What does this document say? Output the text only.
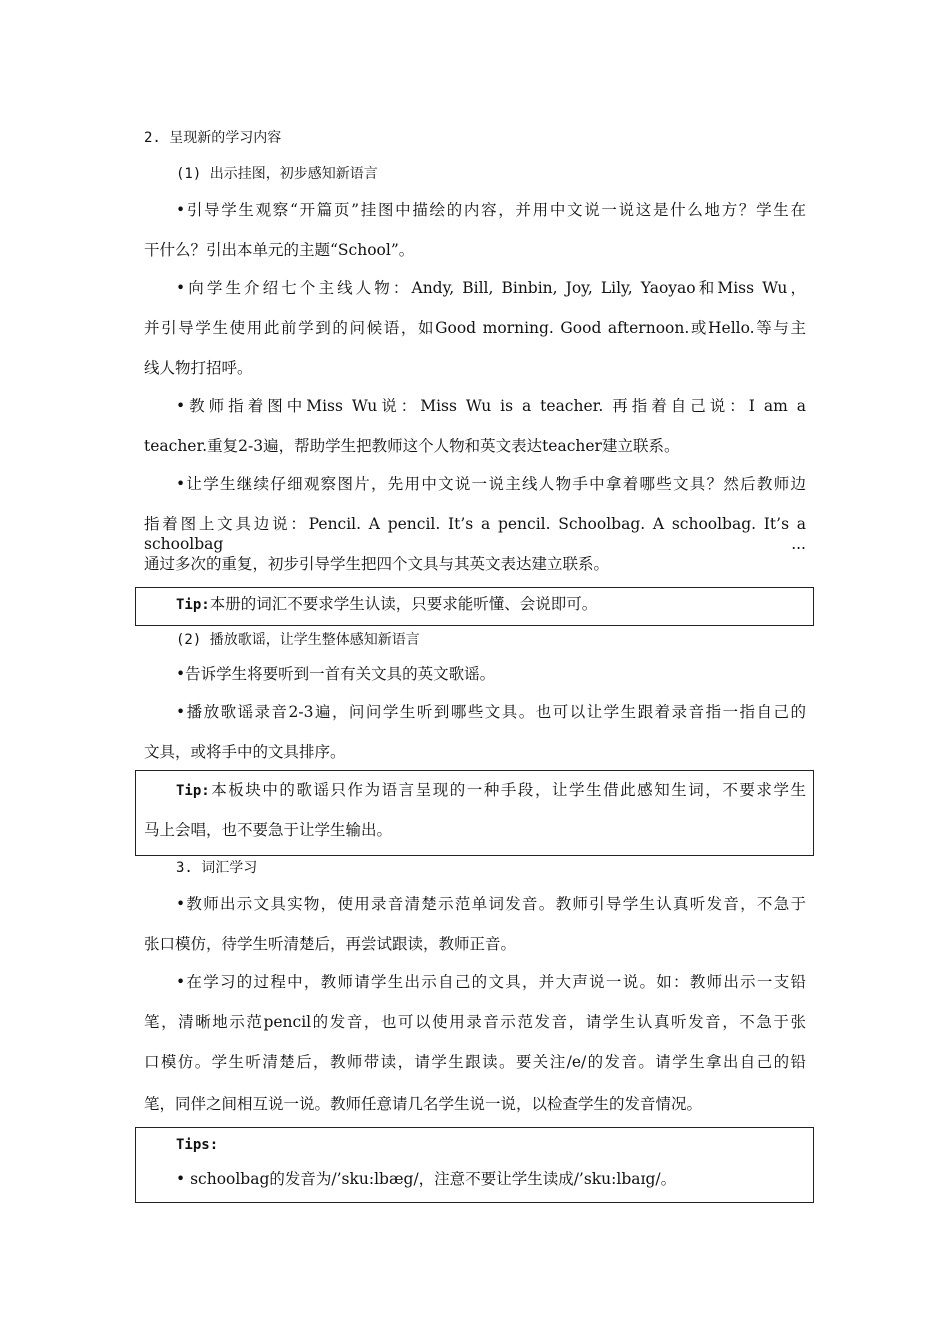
2. 呈现新的学习内容
(1) 出示挂图，初步感知新语言
•引导学生观察“开篇页”挂图中描绘的内容，并用中文说一说这是什么地方？学生在
干什么？引出本单元的主题“School”。
•向学生介绍七个主线人物：Andy, Bill, Binbin, Joy, Lily, Yaoyao和Miss Wu，
并引导学生使用此前学到的问候语，如Good morning. Good afternoon.或Hello.等与主
线人物打招呼。
•教师指着图中Miss Wu说：Miss Wu is a teacher. 再指着自己说：I am a
teacher.重复2-3遍，帮助学生把教师这个人物和英文表达teacher建立联系。
•让学生继续仔细观察图片，先用中文说一说主线人物手中拿着哪些文具？然后教师边
指着图上文具边说：Pencil. A pencil. It’s a pencil. Schoolbag. A schoolbag. It’s a schoolbag ...
通过多次的重复，初步引导学生把四个文具与其英文表达建立联系。
Tip:本册的词汇不要求学生认读，只要求能听懂、会说即可。
(2) 播放歌谣，让学生整体感知新语言
•告诉学生将要听到一首有关文具的英文歌谣。
•播放歌谣录音2-3遍，问问学生听到哪些文具。也可以让学生跟着录音指一指自己的
文具，或将手中的文具排序。
Tip:本板块中的歌谣只作为语言呈现的一种手段，让学生借此感知生词，不要求学生
马上会唱，也不要急于让学生输出。
3. 词汇学习
•教师出示文具实物，使用录音清楚示范单词发音。教师引导学生认真听发音，不急于
张口模仿，待学生听清楚后，再尝试跟读，教师正音。
•在学习的过程中，教师请学生出示自己的文具，并大声说一说。如：教师出示一支铅
笔，清晰地示范pencil的发音，也可以使用录音示范发音，请学生认真听发音，不急于张
口模仿。学生听清楚后，教师带读，请学生跟读。要关注/e/的发音。请学生拿出自己的铅
笔，同伴之间相互说一说。教师任意请几名学生说一说，以检查学生的发音情况。
Tips:
• schoolbag的发音为/’sku:lbæg/，注意不要让学生读成/’sku:lbaɪg/。
